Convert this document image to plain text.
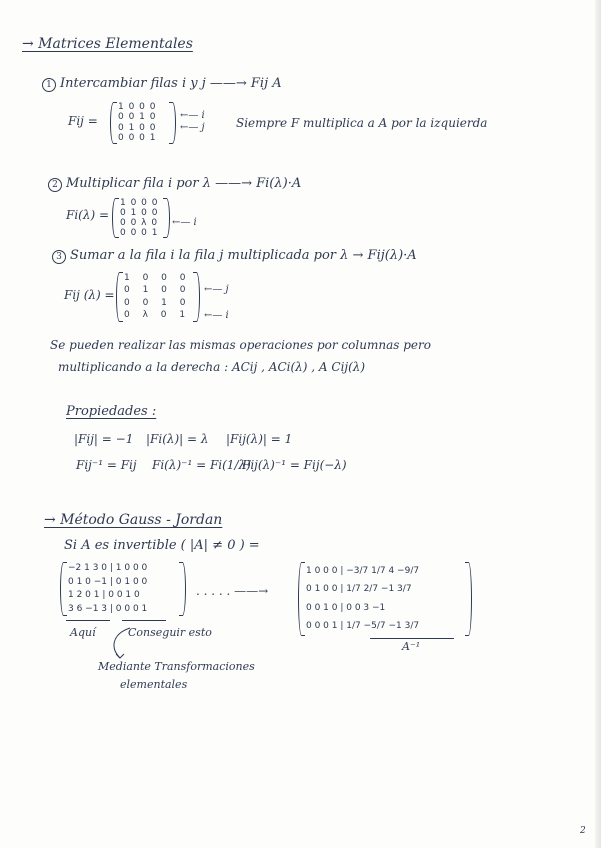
→ Matrices Elementales
1 Intercambiar filas i y j ——→ Fij A
Fij =
1 0 0 0
0 0 1 0
0 1 0 0
0 0 0 1
←— i
←— j	Siempre F multiplica a A por la izquierda
2 Multiplicar fila i por λ ——→ Fi(λ)·A
Fi(λ) =
1 0 0 0
0 1 0 0
0 0 λ 0
0 0 0 1
←— i
3 Sumar a la fila i la fila j multiplicada por λ → Fij(λ)·A
Fij (λ) =
1 0 0 0
0 1 0 0
0 0 1 0
0 λ 0 1
←— j
←— i
Se pueden realizar las mismas operaciones por columnas pero
multiplicando a la derecha : ACij , ACi(λ) , A Cij(λ)
Propiedades :
|Fij| = −1 |Fi(λ)| = λ |Fij(λ)| = 1
Fij⁻¹ = Fij Fi(λ)⁻¹ = Fi(1/λ)
Fij(λ)⁻¹ = Fij(−λ)
→ Método Gauss - Jordan
Si A es invertible ( |A| ≠ 0 ) =
−2 1 3 0 | 1 0 0 0
0 1 0 −1 | 0 1 0 0
1 2 0 1 | 0 0 1 0
3 6 −1 3 | 0 0 0 1
. . . . . ——→
1 0 0 0 | −3/7 1/7 4 −9/7
0 1 0 0 | 1/7 2/7 −1 3/7
0 0 1 0 | 0 0 3 −1
0 0 0 1 | 1/7 −5/7 −1 3/7
Aquí	Conseguir esto
A⁻¹
Mediante Transformaciones
elementales
2
